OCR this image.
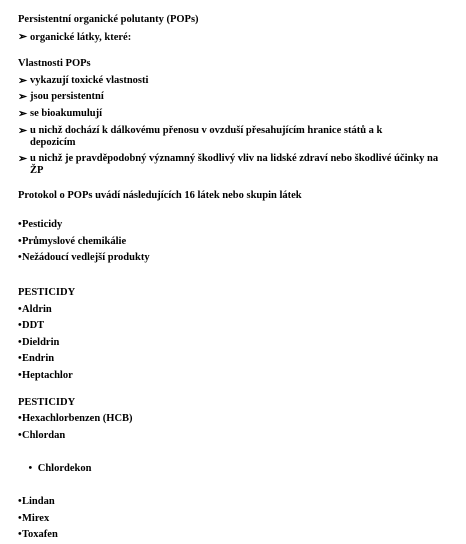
Persistentní organické polutanty (POPs)
➢ organické látky, které:
Vlastnosti POPs
➢ vykazují toxické vlastnosti
➢ jsou persistentní
➢ se bioakumulují
➢ u nichž dochází k dálkovému přenosu v ovzduší přesahujícím hranice států a k depozicím
➢ u nichž je pravděpodobný významný škodlivý vliv na lidské zdraví nebo škodlivé účinky na ŽP
Protokol o POPs uvádí následujících 16 látek nebo skupin látek
•Pesticidy
•Průmyslové chemikálie
•Nežádoucí vedlejší produkty
PESTICIDY
•Aldrin
•DDT
•Dieldrin
•Endrin
•Heptachlor
PESTICIDY
•Hexachlorbenzen (HCB)
•Chlordan

•  Chlordekon

•Lindan
•Mirex
•Toxafen
